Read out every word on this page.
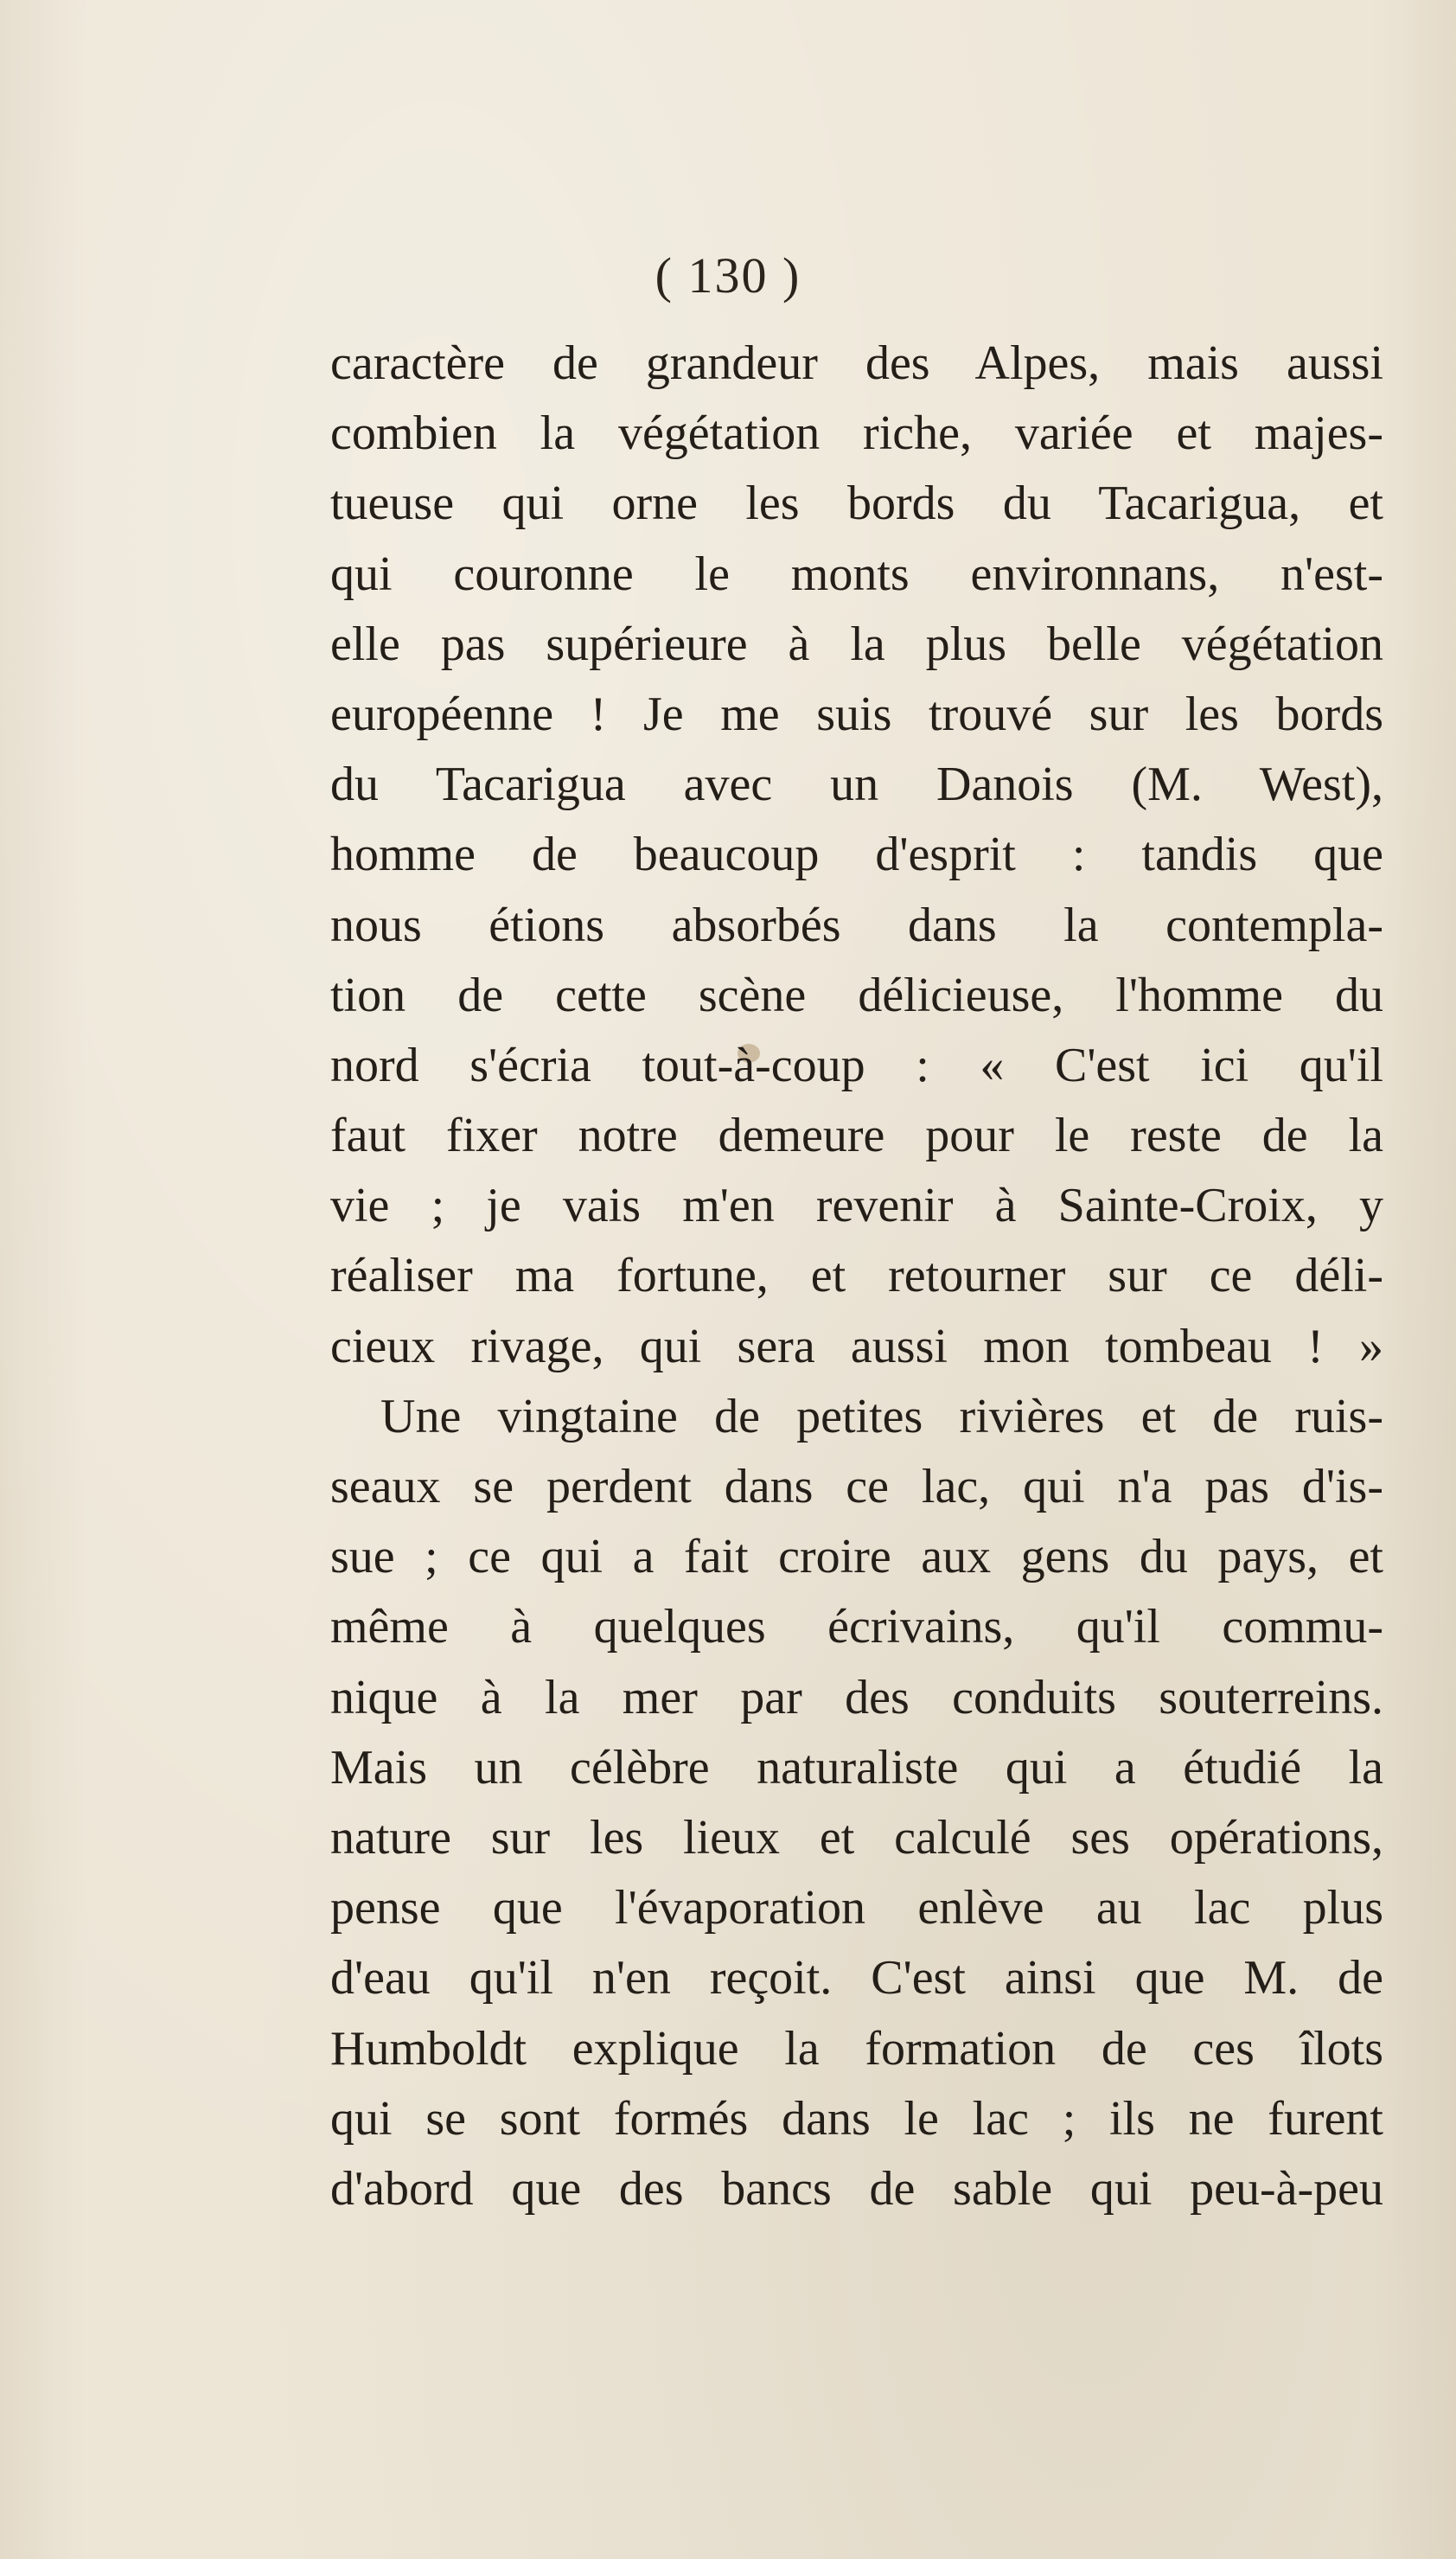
( 130 )
caractère de grandeur des Alpes, mais aussi
combien la végétation riche, variée et majes-
tueuse qui orne les bords du Tacarigua, et
qui couronne le monts environnans, n'est-
elle pas supérieure à la plus belle végétation
européenne ! Je me suis trouvé sur les bords
du Tacarigua avec un Danois (M. West),
homme de beaucoup d'esprit : tandis que
nous étions absorbés dans la contempla-
tion de cette scène délicieuse, l'homme du
nord s'écria tout-à-coup : « C'est ici qu'il
faut fixer notre demeure pour le reste de la
vie ; je vais m'en revenir à Sainte-Croix, y
réaliser ma fortune, et retourner sur ce déli-
cieux rivage, qui sera aussi mon tombeau ! »
Une vingtaine de petites rivières et de ruis-
seaux se perdent dans ce lac, qui n'a pas d'is-
sue ; ce qui a fait croire aux gens du pays, et
même à quelques écrivains, qu'il commu-
nique à la mer par des conduits souterreins.
Mais un célèbre naturaliste qui a étudié la
nature sur les lieux et calculé ses opérations,
pense que l'évaporation enlève au lac plus
d'eau qu'il n'en reçoit. C'est ainsi que M. de
Humboldt explique la formation de ces îlots
qui se sont formés dans le lac ; ils ne furent
d'abord que des bancs de sable qui peu-à-peu
